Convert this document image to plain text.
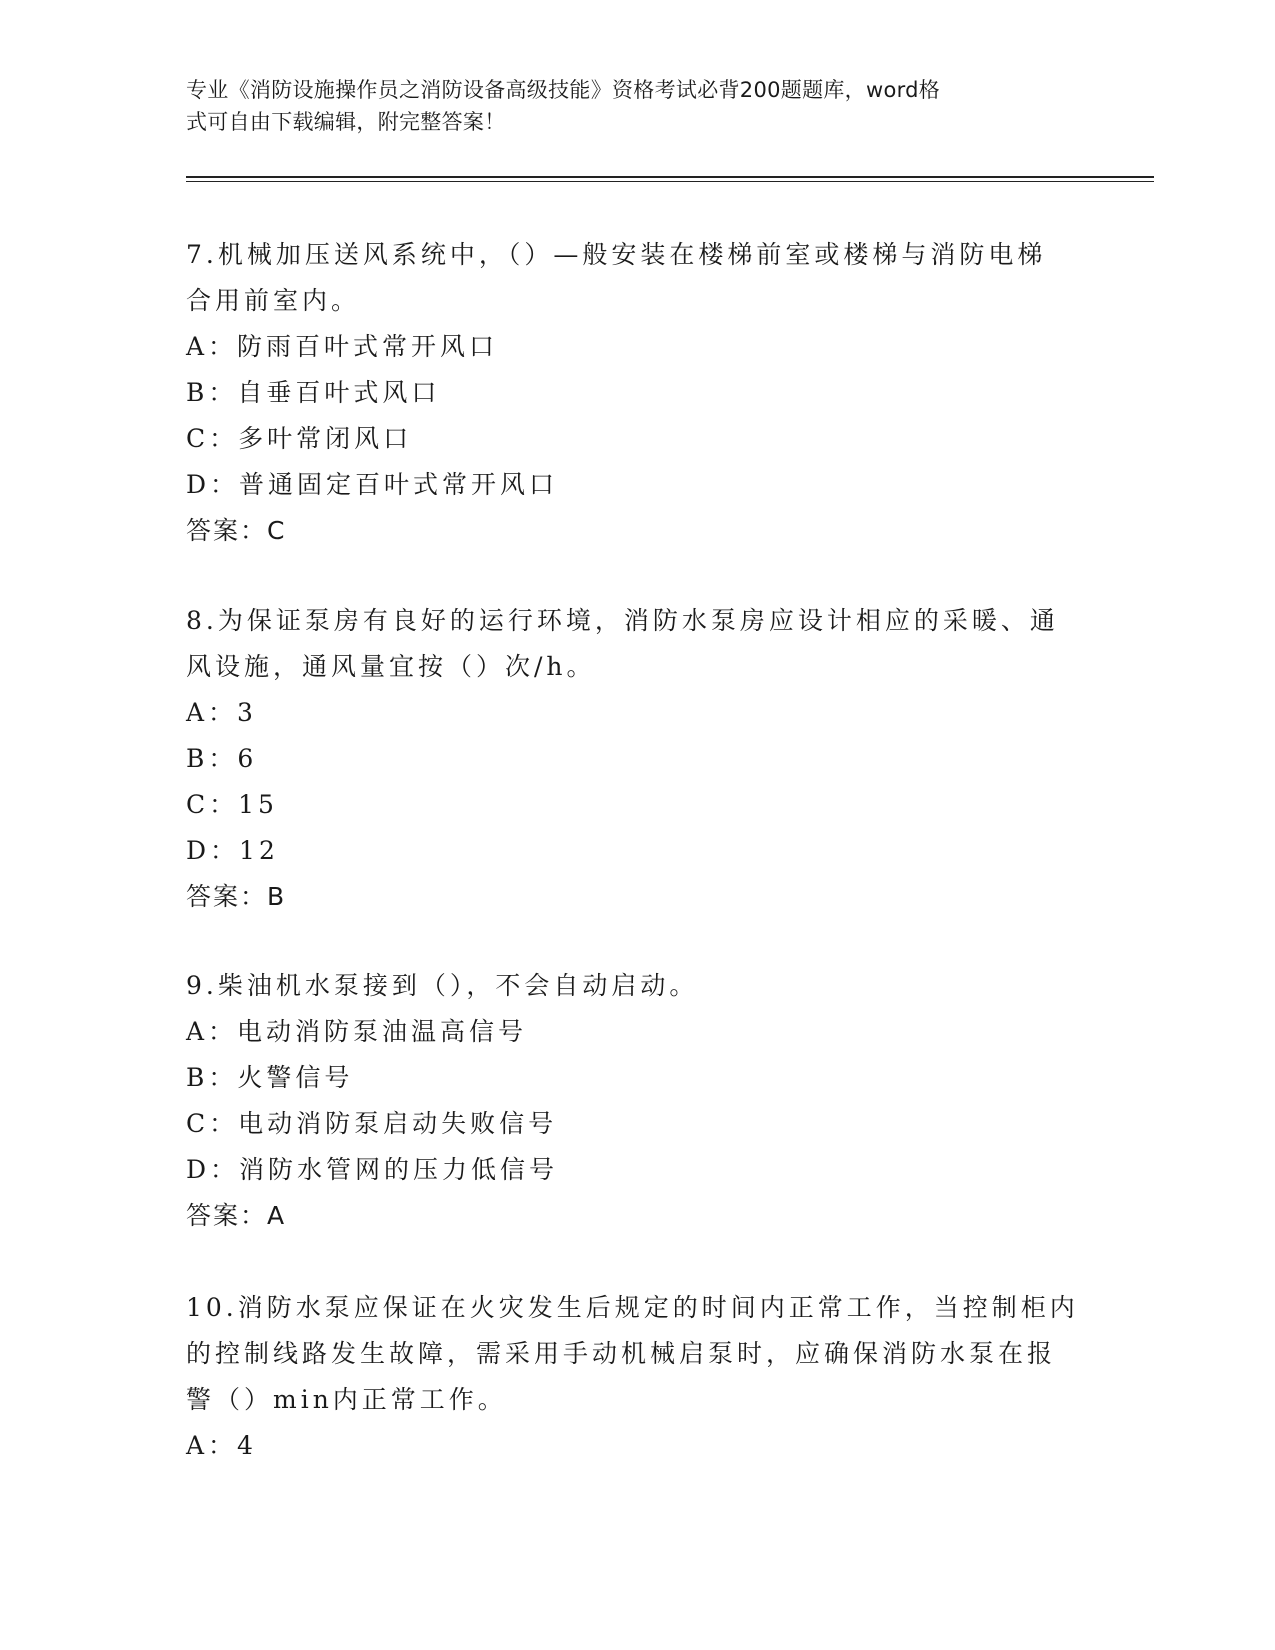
专业《消防设施操作员之消防设备高级技能》资格考试必背200题题库，word格
式可自由下载编辑，附完整答案！
7.机械加压送风系统中，（）—般安装在楼梯前室或楼梯与消防电梯
合用前室内。
A：防雨百叶式常开风口
B：自垂百叶式风口
C：多叶常闭风口
D：普通固定百叶式常开风口
答案：C
8.为保证泵房有良好的运行环境，消防水泵房应设计相应的采暖、通
风设施，通风量宜按（）次/h。
A：3
B：6
C：15
D：12
答案：B
9.柴油机水泵接到（），不会自动启动。
A：电动消防泵油温高信号
B：火警信号
C：电动消防泵启动失败信号
D：消防水管网的压力低信号
答案：A
10.消防水泵应保证在火灾发生后规定的时间内正常工作，当控制柜内
的控制线路发生故障，需采用手动机械启泵时，应确保消防水泵在报
警（）min内正常工作。
A：4
